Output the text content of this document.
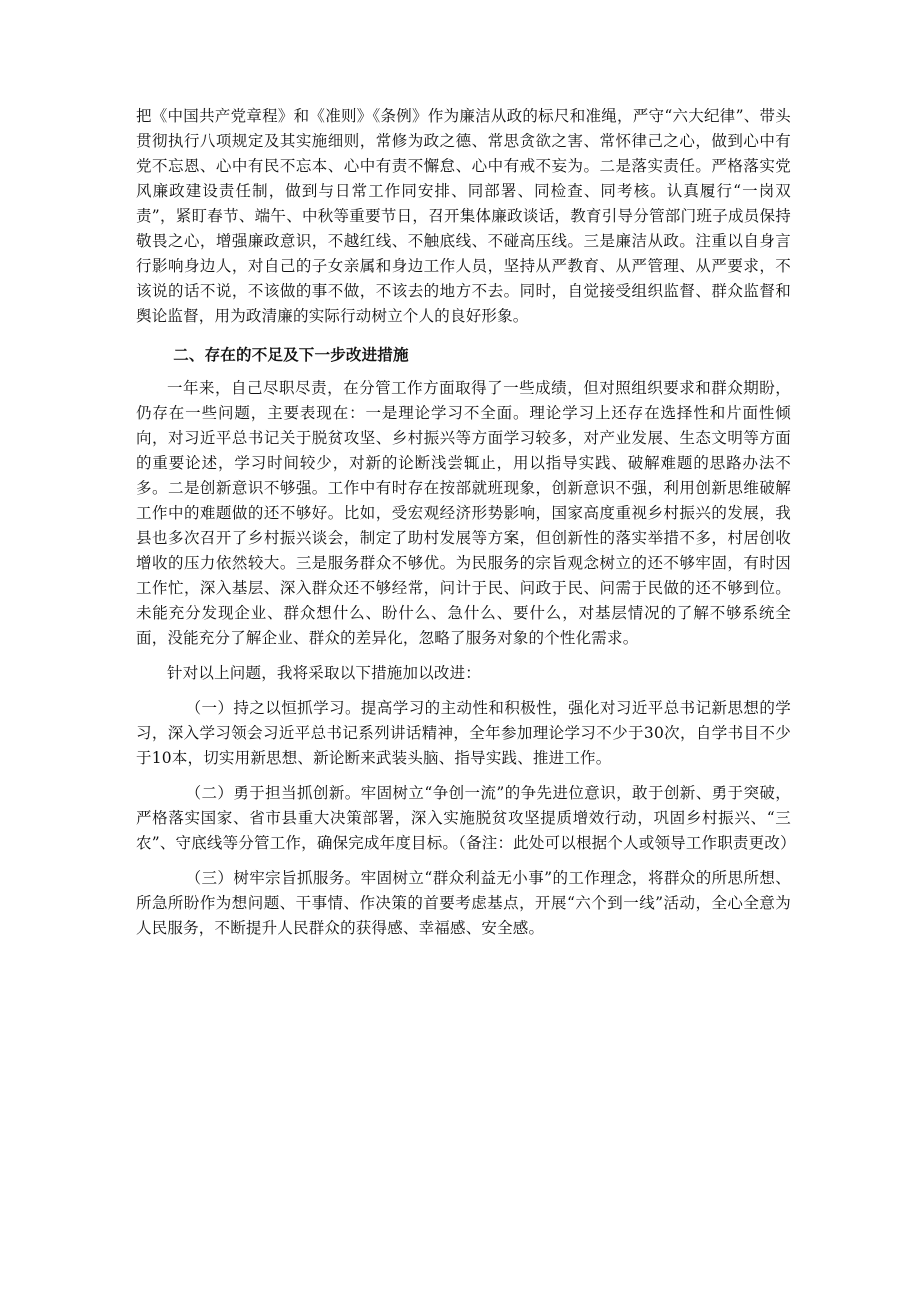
把《中国共产党章程》和《准则》《条例》作为廉洁从政的标尺和准绳，严守“六大纪律”、带头贯彻执行八项规定及其实施细则，常修为政之德、常思贪欲之害、常怀律己之心，做到心中有党不忘恩、心中有民不忘本、心中有责不懈怠、心中有戒不妄为。二是落实责任。严格落实党风廉政建设责任制，做到与日常工作同安排、同部署、同检查、同考核。认真履行“一岗双责”，紧盯春节、端午、中秋等重要节日，召开集体廉政谈话，教育引导分管部门班子成员保持敬畏之心，增强廉政意识，不越红线、不触底线、不碰高压线。三是廉洁从政。注重以自身言行影响身边人，对自己的子女亲属和身边工作人员，坚持从严教育、从严管理、从严要求，不该说的话不说，不该做的事不做，不该去的地方不去。同时，自觉接受组织监督、群众监督和舆论监督，用为政清廉的实际行动树立个人的良好形象。

二、存在的不足及下一步改进措施

一年来，自己尽职尽责，在分管工作方面取得了一些成绩，但对照组织要求和群众期盼，仍存在一些问题，主要表现在：一是理论学习不全面。理论学习上还存在选择性和片面性倾向，对习近平总书记关于脱贫攻坚、乡村振兴等方面学习较多，对产业发展、生态文明等方面的重要论述，学习时间较少，对新的论断浅尝辄止，用以指导实践、破解难题的思路办法不多。二是创新意识不够强。工作中有时存在按部就班现象，创新意识不强，利用创新思维破解工作中的难题做的还不够好。比如，受宏观经济形势影响，国家高度重视乡村振兴的发展，我县也多次召开了乡村振兴谈会，制定了助村发展等方案，但创新性的落实举措不多，村居创收增收的压力依然较大。三是服务群众不够优。为民服务的宗旨观念树立的还不够牢固，有时因工作忙，深入基层、深入群众还不够经常，问计于民、问政于民、问需于民做的还不够到位。未能充分发现企业、群众想什么、盼什么、急什么、要什么，对基层情况的了解不够系统全面，没能充分了解企业、群众的差异化，忽略了服务对象的个性化需求。

针对以上问题，我将采取以下措施加以改进：

（一）持之以恒抓学习。提高学习的主动性和积极性，强化对习近平总书记新思想的学习，深入学习领会习近平总书记系列讲话精神，全年参加理论学习不少于30次，自学书目不少于10本，切实用新思想、新论断来武装头脑、指导实践、推进工作。

（二）勇于担当抓创新。牢固树立“争创一流”的争先进位意识，敢于创新、勇于突破，严格落实国家、省市县重大决策部署，深入实施脱贫攻坚提质增效行动，巩固乡村振兴、“三农”、守底线等分管工作，确保完成年度目标。（备注：此处可以根据个人或领导工作职责更改）

（三）树牢宗旨抓服务。牢固树立“群众利益无小事”的工作理念，将群众的所思所想、所急所盼作为想问题、干事情、作决策的首要考虑基点，开展“六个到一线”活动，全心全意为人民服务，不断提升人民群众的获得感、幸福感、安全感。
